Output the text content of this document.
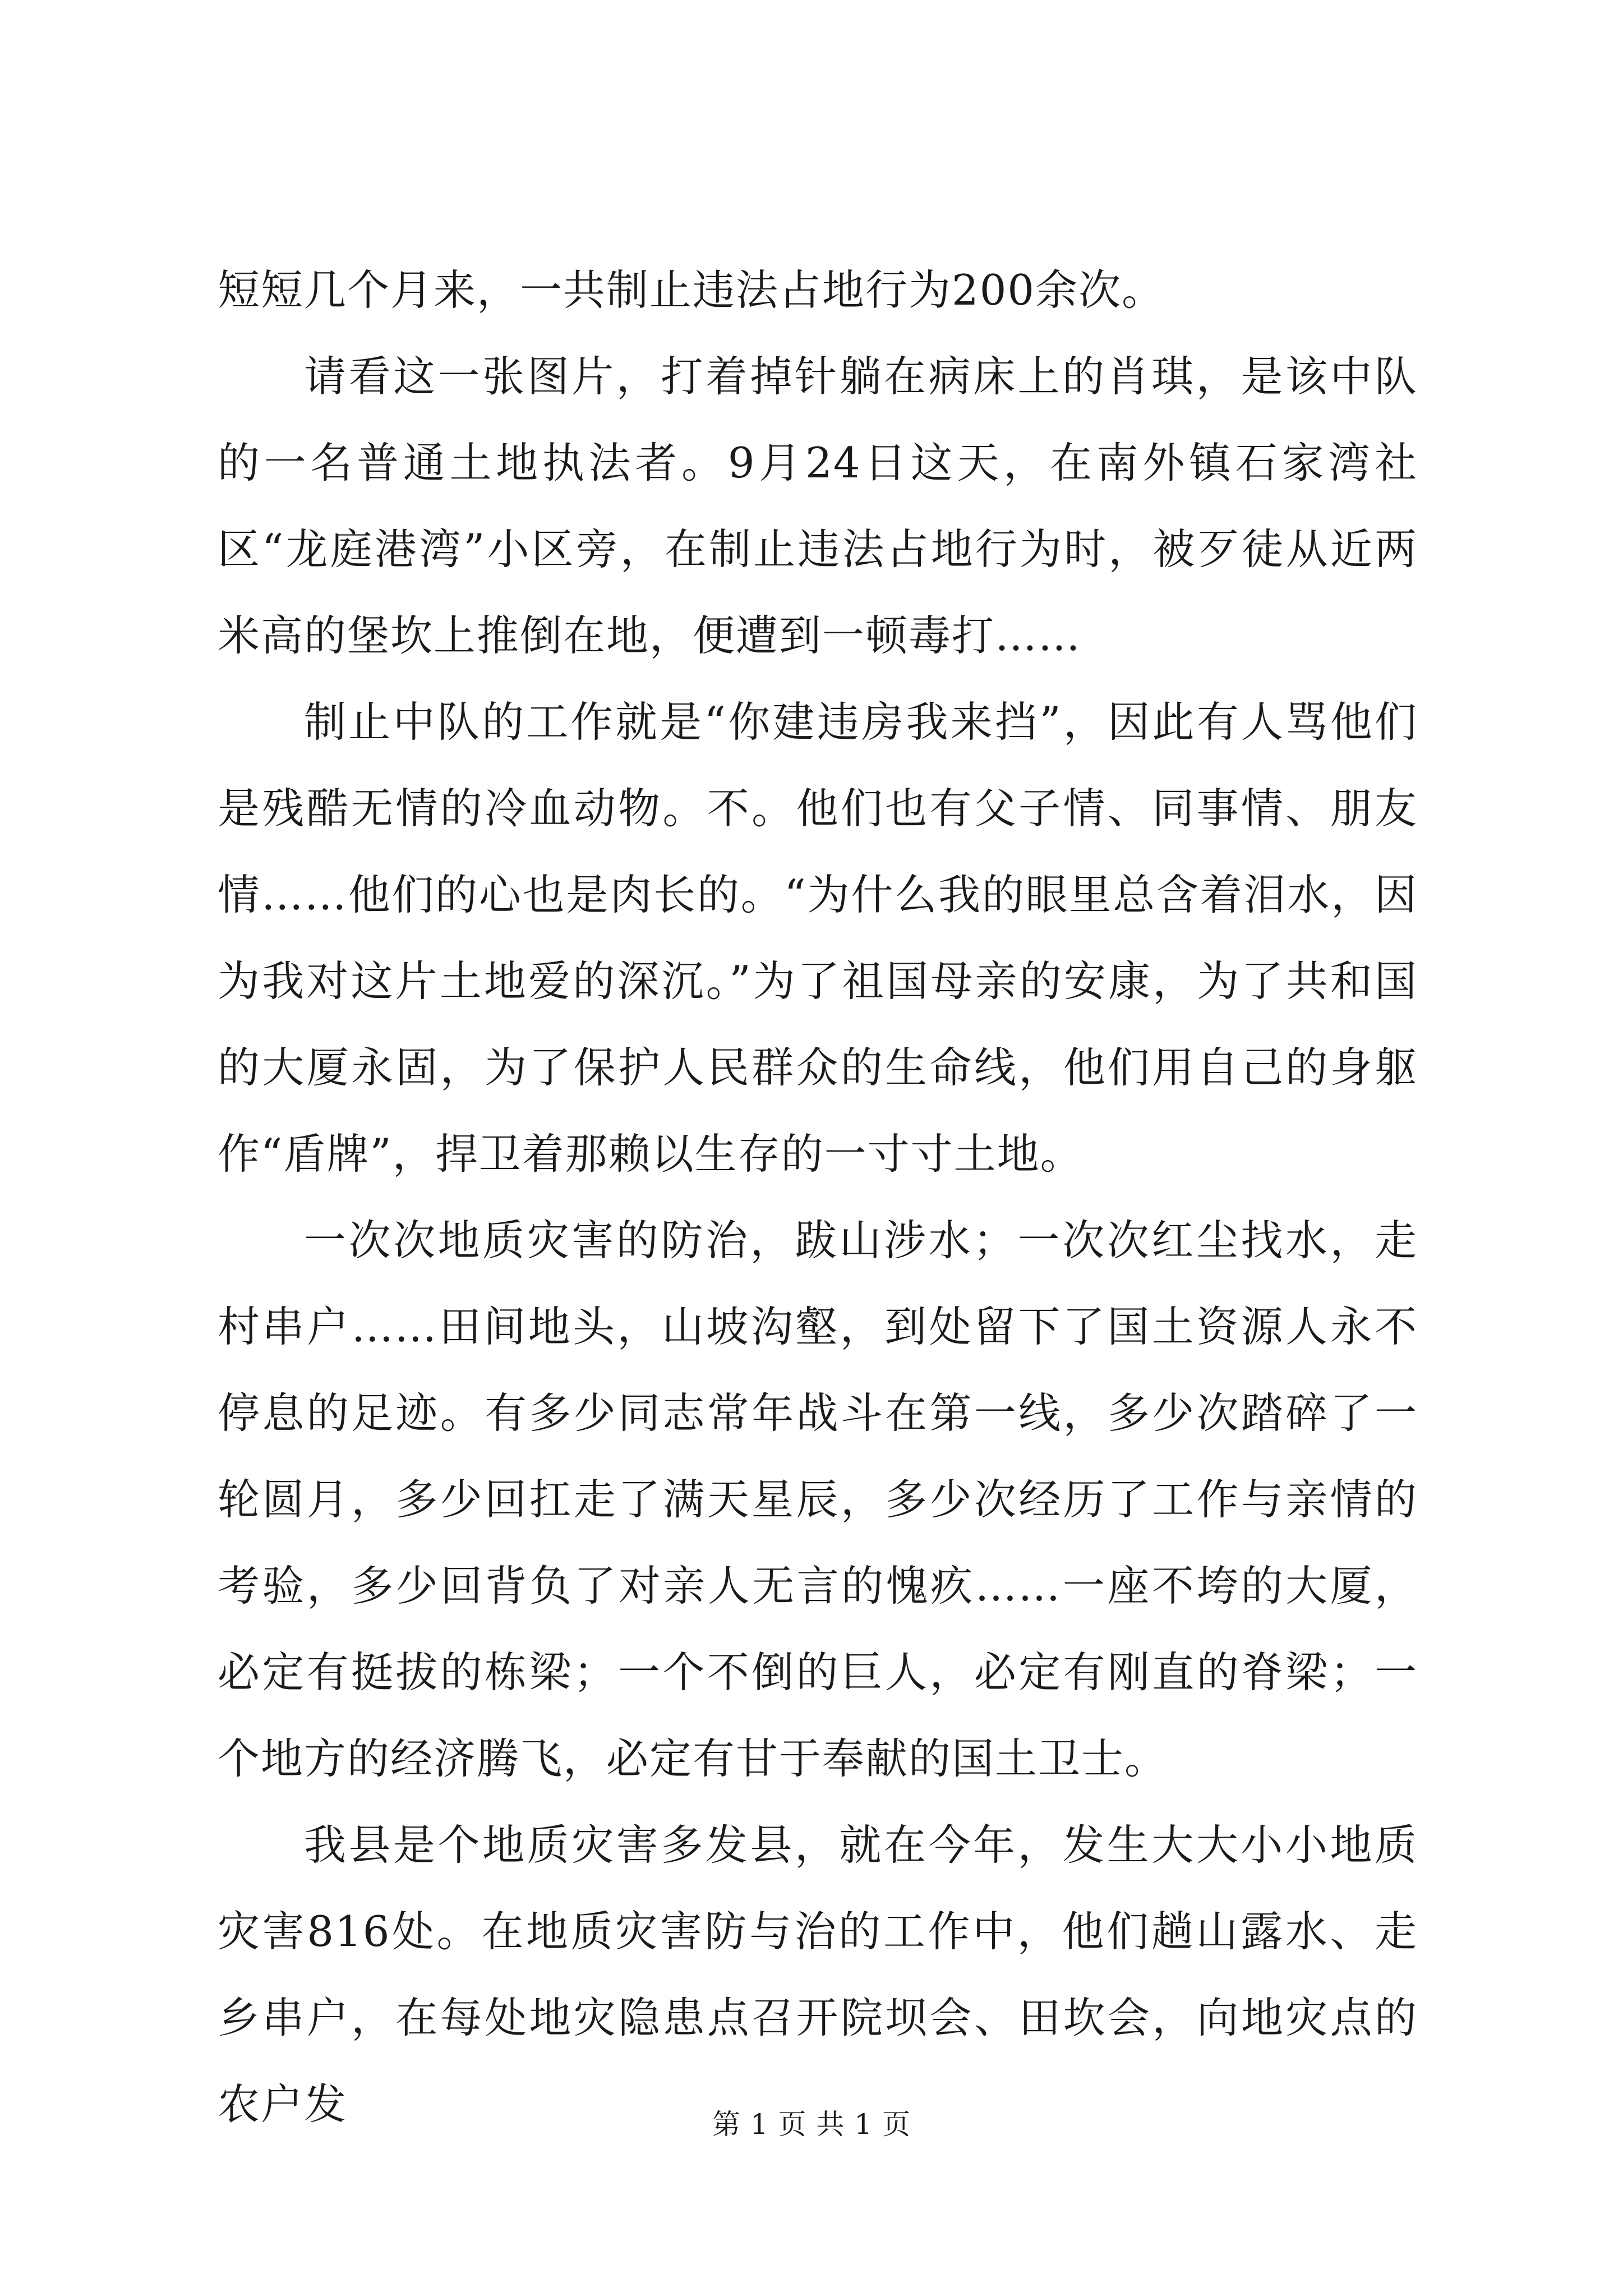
短短几个月来，一共制止违法占地行为200余次。

请看这一张图片，打着掉针躺在病床上的肖琪，是该中队的一名普通土地执法者。9月24日这天，在南外镇石家湾社区“龙庭港湾”小区旁，在制止违法占地行为时，被歹徒从近两米高的堡坎上推倒在地，便遭到一顿毒打……

制止中队的工作就是“你建违房我来挡”，因此有人骂他们是残酷无情的冷血动物。不。他们也有父子情、同事情、朋友情……他们的心也是肉长的。“为什么我的眼里总含着泪水，因为我对这片土地爱的深沉。”为了祖国母亲的安康，为了共和国的大厦永固，为了保护人民群众的生命线，他们用自己的身躯作“盾牌”，捍卫着那赖以生存的一寸寸土地。

一次次地质灾害的防治，跋山涉水；一次次红尘找水，走村串户……田间地头，山坡沟壑，到处留下了国土资源人永不停息的足迹。有多少同志常年战斗在第一线，多少次踏碎了一轮圆月，多少回扛走了满天星辰，多少次经历了工作与亲情的考验，多少回背负了对亲人无言的愧疚……一座不垮的大厦，必定有挺拔的栋梁；一个不倒的巨人，必定有刚直的脊梁；一个地方的经济腾飞，必定有甘于奉献的国土卫士。

我县是个地质灾害多发县，就在今年，发生大大小小地质灾害816处。在地质灾害防与治的工作中，他们趟山露水、走乡串户，在每处地灾隐患点召开院坝会、田坎会，向地灾点的农户发	第 1 页 共 1 页
